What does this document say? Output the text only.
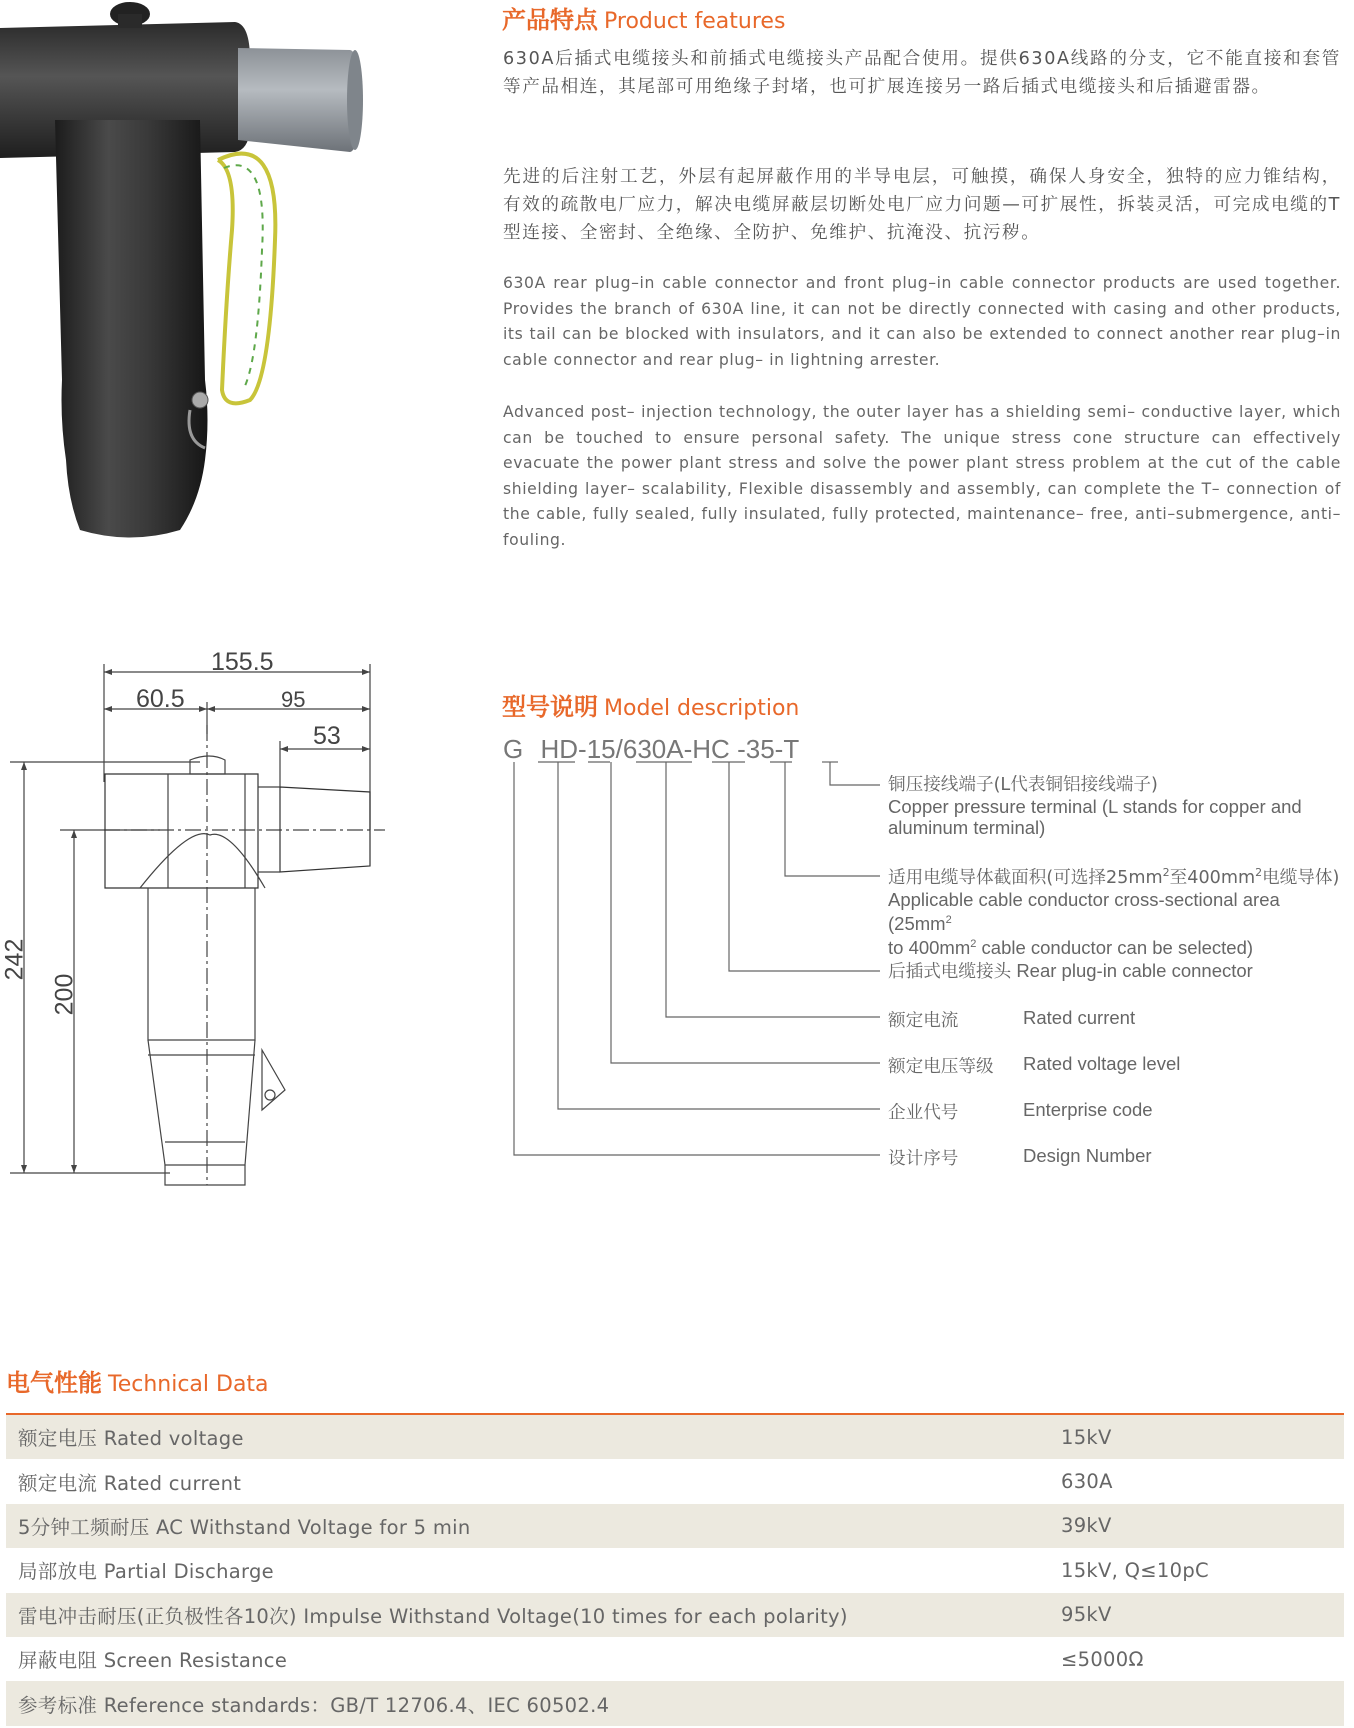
产品特点 Product features
630A后插式电缆接头和前插式电缆接头产品配合使用。提供630A线路的分支，它不能直接和套管等产品相连，其尾部可用绝缘子封堵，也可扩展连接另一路后插式电缆接头和后插避雷器。
先进的后注射工艺，外层有起屏蔽作用的半导电层，可触摸，确保人身安全，独特的应力锥结构，有效的疏散电厂应力，解决电缆屏蔽层切断处电厂应力问题—可扩展性，拆装灵活，可完成电缆的T型连接、全密封、全绝缘、全防护、免维护、抗淹没、抗污秽。
630A rear plug–in cable connector and front plug–in cable connector products are used together. Provides the branch of 630A line, it can not be directly connected with casing and other products, its tail can be blocked with insulators, and it can also be extended to connect another rear plug–in cable connector and rear plug– in lightning arrester.
Advanced post– injection technology, the outer layer has a shielding semi– conductive layer, which can be touched to ensure personal safety. The unique stress cone structure can effectively evacuate the power plant stress and solve the power plant stress problem at the cut of the cable shielding layer– scalability, Flexible disassembly and assembly, can complete the T– connection of the cable, fully sealed, fully insulated, fully protected, maintenance– free, anti–submergence, anti– fouling.
155.5
60.5	95
53
242
200
型号说明 Model description
G HD-15/630A-HC -35-T
铜压接线端子(L代表铜铝接线端子)
Copper pressure terminal (L stands for copper and aluminum terminal)
适用电缆导体截面积(可选择$25mm^2$至$400mm^2$电缆导体)
Applicable cable conductor cross-sectional area ($25mm^2$
to $400mm^2$ cable conductor can be selected)
后插式电缆接头 Rear plug-in cable connector
额定电流	Rated current
额定电压等级 Rated voltage level
企业代号	Enterprise code
设计序号	Design Number
电气性能 Technical Data
额定电压 Rated voltage	15kV
额定电流 Rated current	630A
5分钟工频耐压 AC Withstand Voltage for 5 min	39kV
局部放电 Partial Discharge	15kV, Q≤10pC
雷电冲击耐压(正负极性各10次) Impulse Withstand Voltage(10 times for each polarity)	95kV
屏蔽电阻 Screen Resistance	≤5000Ω
参考标准 Reference standards：GB/T 12706.4、IEC 60502.4	
